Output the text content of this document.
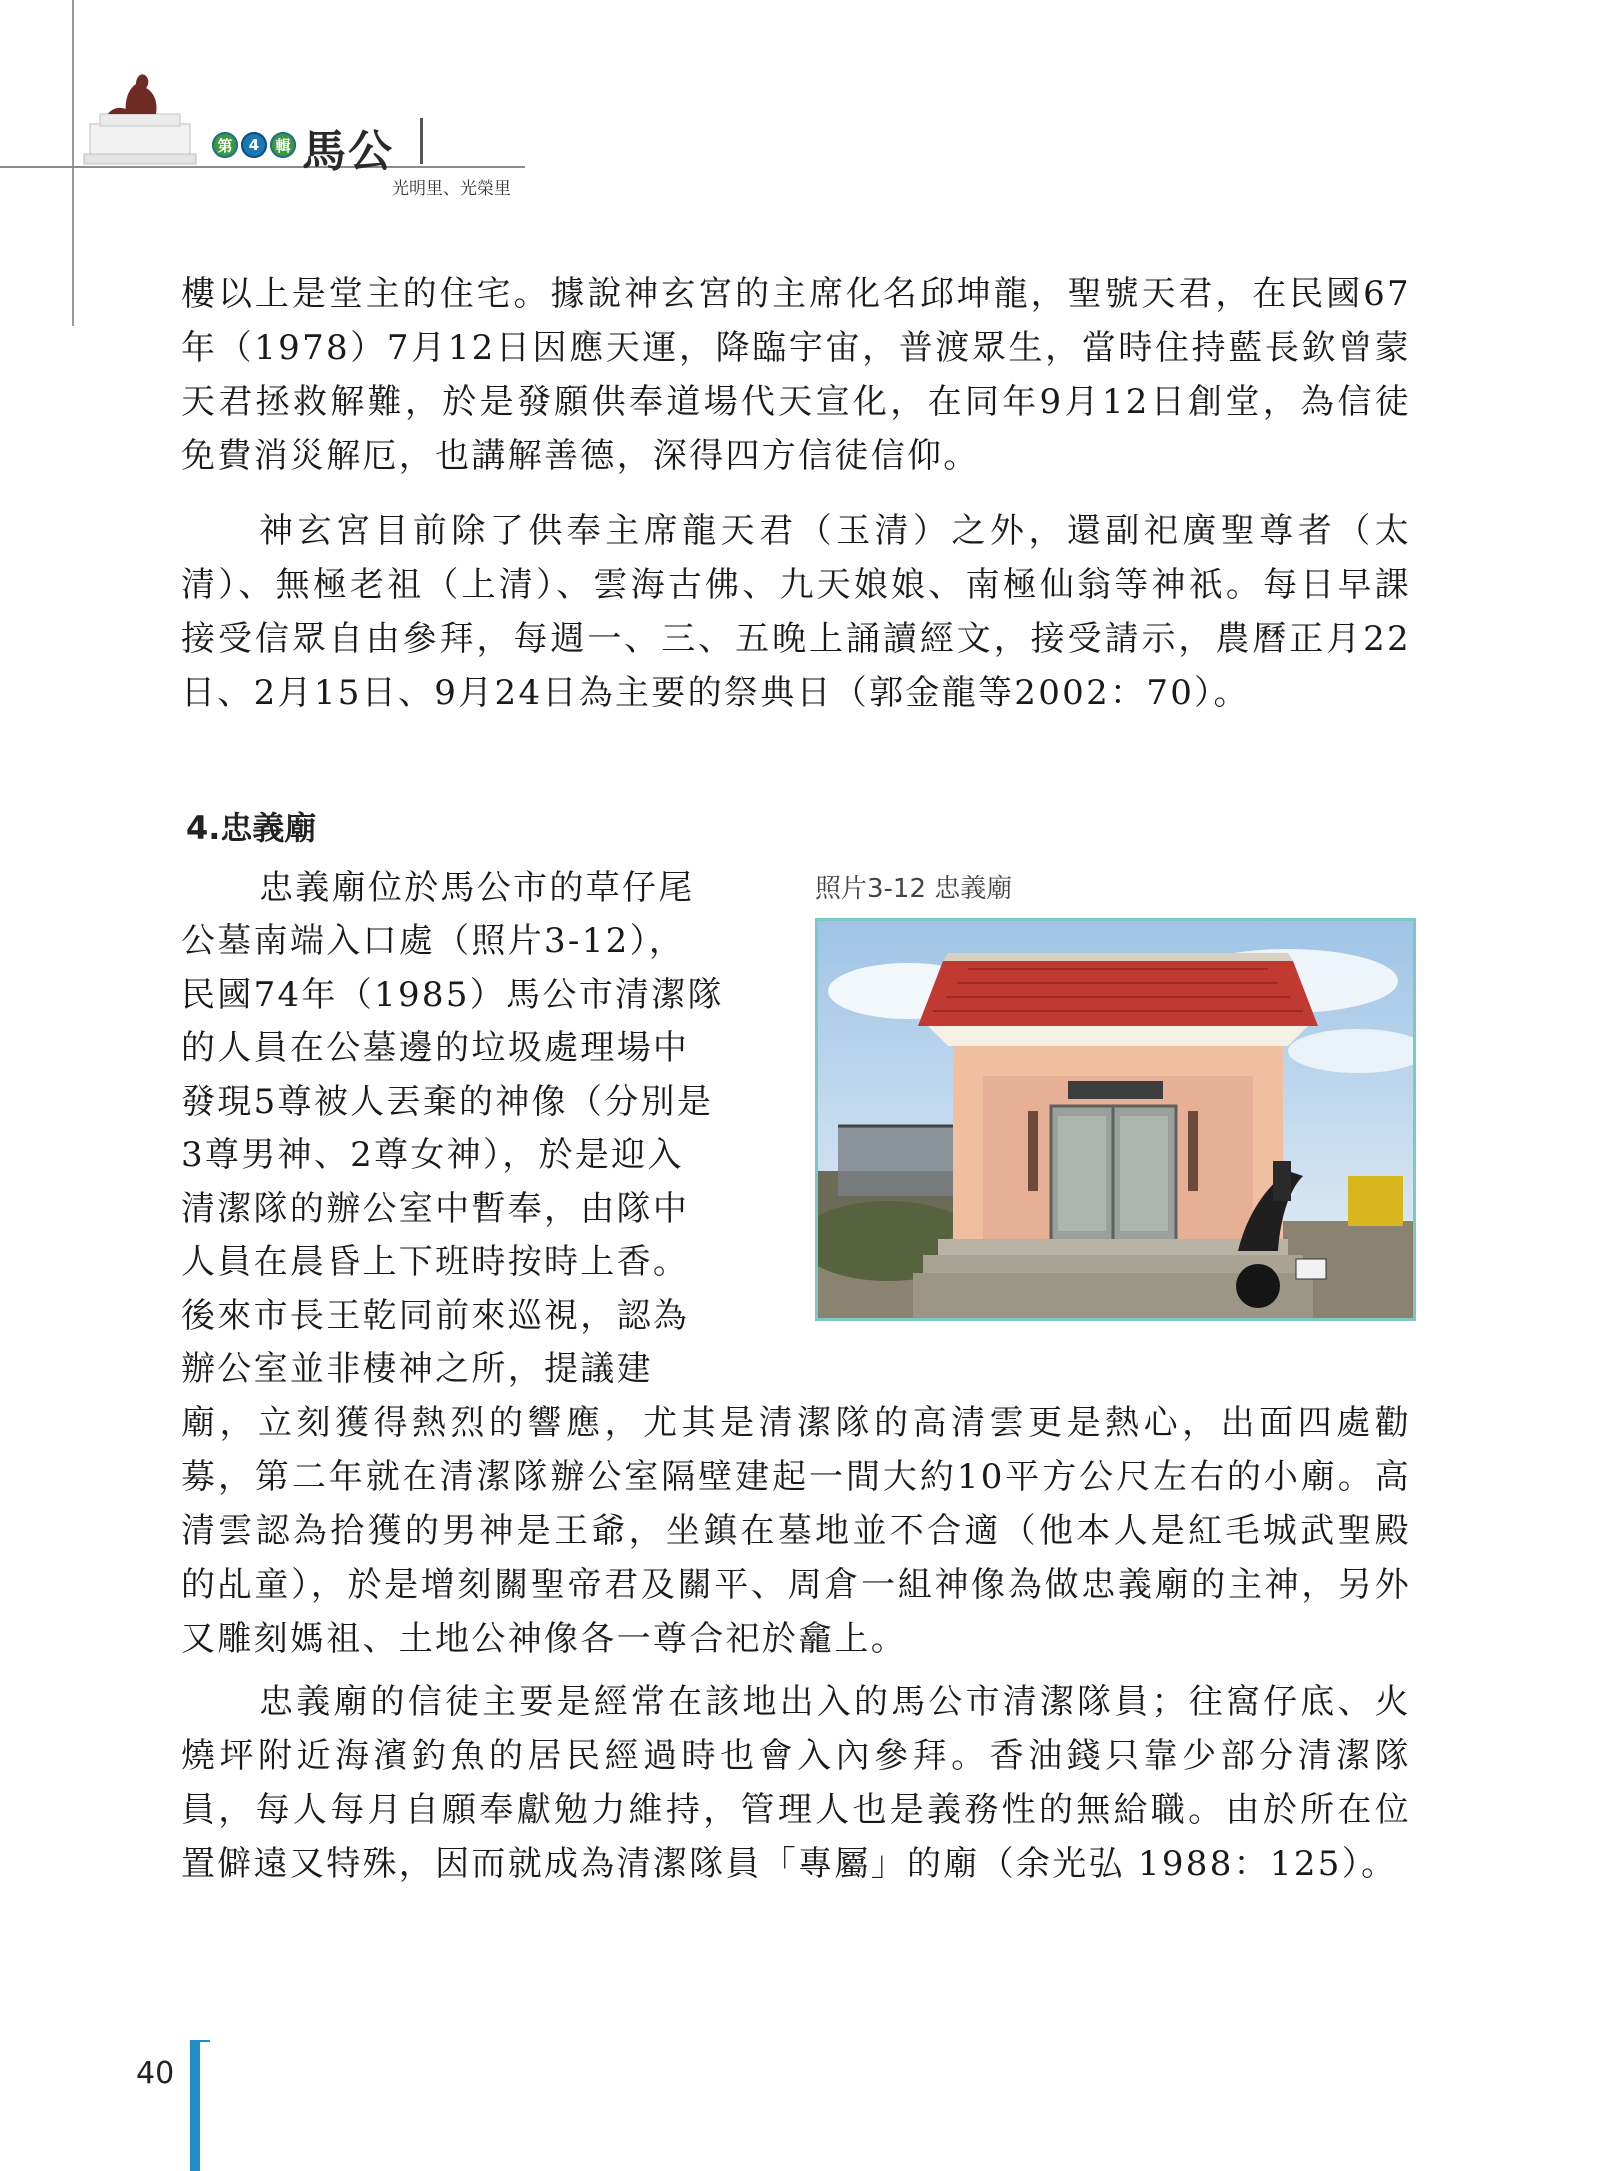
第	4	輯 馬公
光明里、光榮里

樓以上是堂主的住宅。據說神玄宮的主席化名邱坤龍，聖號天君，在民國67年（1978）7月12日因應天運，降臨宇宙，普渡眾生，當時住持藍長欽曾蒙天君拯救解難，於是發願供奉道場代天宣化，在同年9月12日創堂，為信徒免費消災解厄，也講解善德，深得四方信徒信仰。

神玄宮目前除了供奉主席龍天君（玉清）之外，還副祀廣聖尊者（太清）、無極老祖（上清）、雲海古佛、九天娘娘、南極仙翁等神祇。每日早課接受信眾自由參拜，每週一、三、五晚上誦讀經文，接受請示，農曆正月22日、2月15日、9月24日為主要的祭典日（郭金龍等2002：70）。

4.忠義廟

忠義廟位於馬公市的草仔尾

公墓南端入口處（照片3-12），

民國74年（1985）馬公市清潔隊

的人員在公墓邊的垃圾處理場中

發現5尊被人丟棄的神像（分別是

3尊男神、2尊女神），於是迎入

清潔隊的辦公室中暫奉，由隊中

人員在晨昏上下班時按時上香。

後來市長王乾同前來巡視，認為

辦公室並非棲神之所，提議建

照片3-12 忠義廟

廟，立刻獲得熱烈的響應，尤其是清潔隊的高清雲更是熱心，出面四處勸募，第二年就在清潔隊辦公室隔壁建起一間大約10平方公尺左右的小廟。高清雲認為拾獲的男神是王爺，坐鎮在墓地並不合適（他本人是紅毛城武聖殿的乩童），於是增刻關聖帝君及關平、周倉一組神像為做忠義廟的主神，另外又雕刻媽祖、土地公神像各一尊合祀於龕上。

忠義廟的信徒主要是經常在該地出入的馬公市清潔隊員；往窩仔底、火燒坪附近海濱釣魚的居民經過時也會入內參拜。香油錢只靠少部分清潔隊員，每人每月自願奉獻勉力維持，管理人也是義務性的無給職。由於所在位置僻遠又特殊，因而就成為清潔隊員「專屬」的廟（余光弘 1988：125）。

40
